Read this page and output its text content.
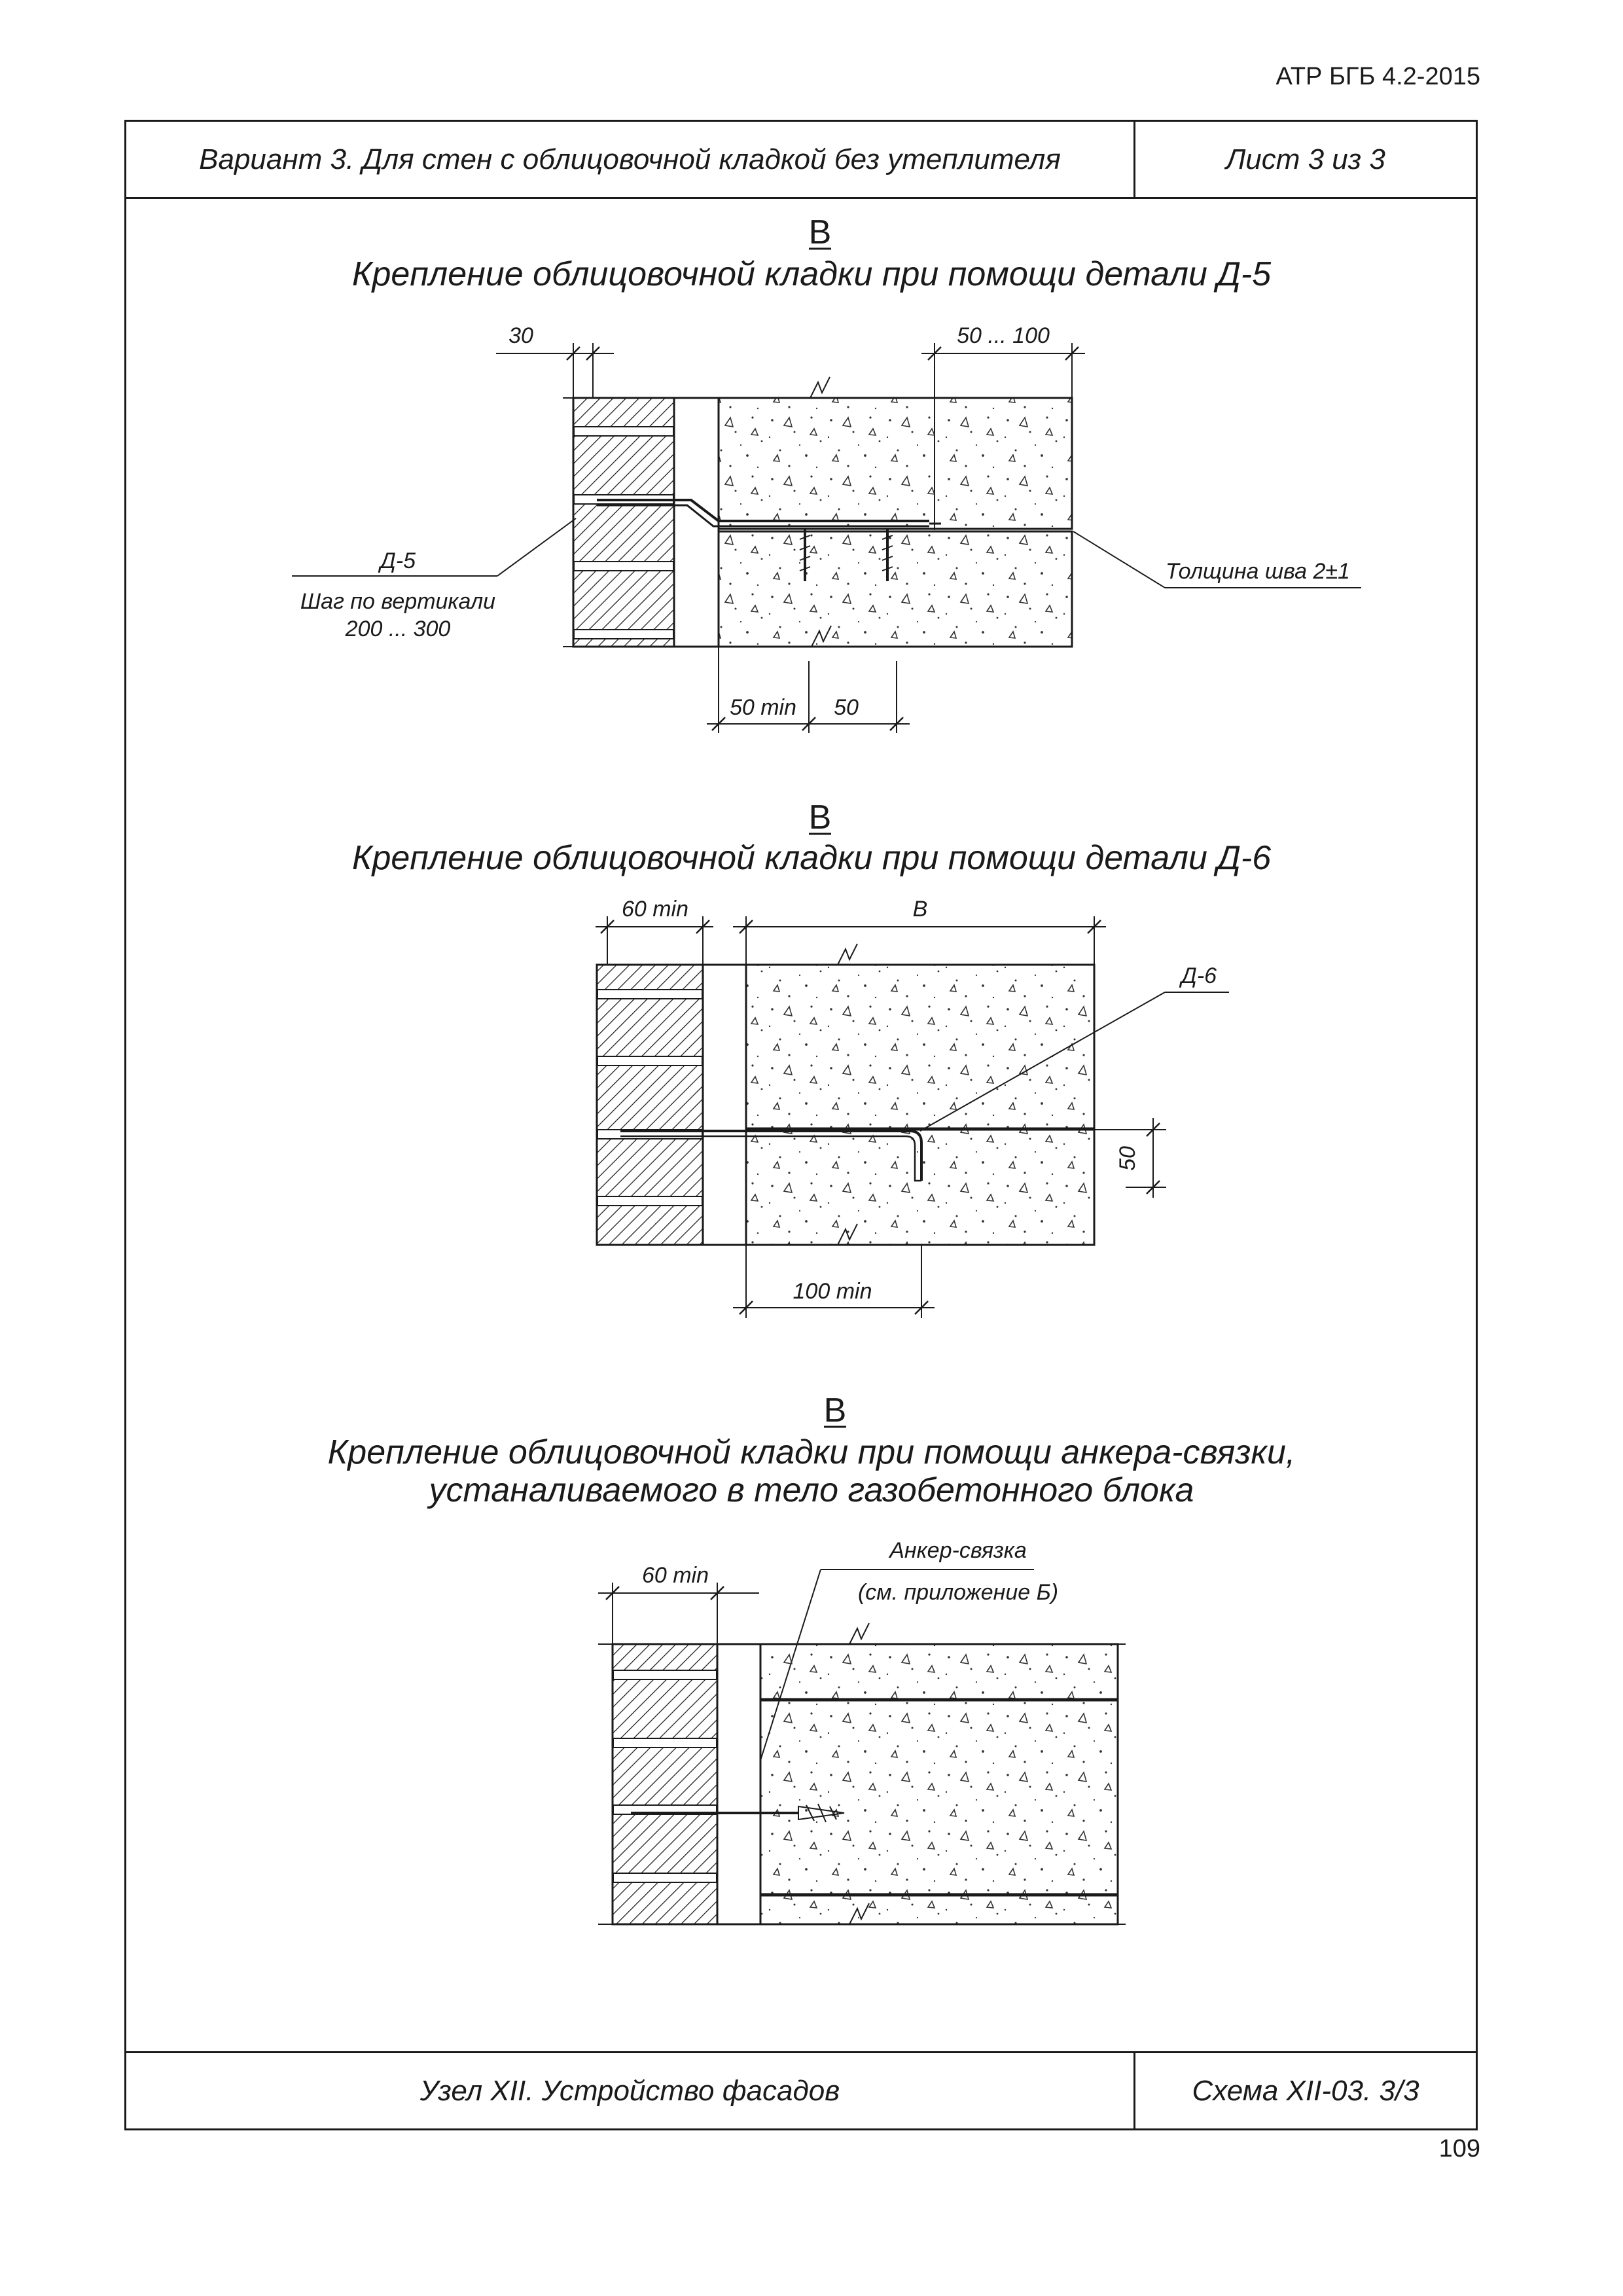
АТР БГБ 4.2-2015
Вариант 3. Для стен с облицовочной кладкой без утеплителя	Лист 3 из 3
Узел XII. Устройство фасадов	Схема XII-03. 3/3
109
В
Крепление облицовочной кладки при помощи детали Д-5
30	50 ... 100
Д-5
Шаг по вертикали
200 ... 300
Толщина шва 2±1
50 min 50
В
Крепление облицовочной кладки при помощи детали Д-6
60 min	В
Д-6
50
100 min
В
Крепление облицовочной кладки при помощи анкера-связки,
устаналиваемого в тело газобетонного блока
60 min
Анкер-связка
(см. приложение Б)
